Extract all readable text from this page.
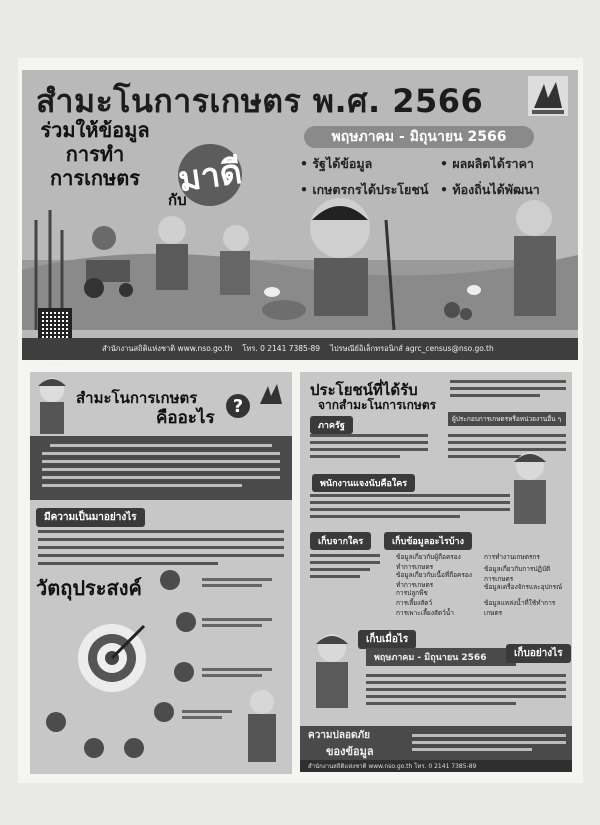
สำมะโนการเกษตร พ.ศ. 2566
ร่วมให้ข้อมูล
การทำ
การเกษตร	มาดี
กับ
พฤษภาคม - มิถุนายน 2566
• รัฐได้ข้อมูล	• ผลผลิตได้ราคา
• เกษตรกรได้ประโยชน์	• ท้องถิ่นได้พัฒนา
เกษตรกร
สำนักงานสถิติแห่งชาติ www.nso.go.th โทร. 0 2141 7385-89 ไปรษณีย์อิเล็กทรอนิกส์ agrc_census@nso.go.th
สำมะโนการเกษตร
คืออะไร
?
มีความเป็นมาอย่างไร
วัตถุประสงค์
ประโยชน์ที่ได้รับ
จากสำมะโนการเกษตร
ภาครัฐ
ผู้ประกอบการเกษตรหรือหน่วยงานอื่น ๆ
พนักงานแจงนับคือใคร
เก็บจากใคร	เก็บข้อมูลอะไรบ้าง
ข้อมูลเกี่ยวกับผู้ถือครองทำการเกษตร
ข้อมูลเกี่ยวกับเนื้อที่ถือครองทำการเกษตร
การปลูกพืช
การเลี้ยงสัตว์
การเพาะเลี้ยงสัตว์น้ำ
การทำงานเกษตรกร
ข้อมูลเกี่ยวกับการปฏิบัติการเกษตร
ข้อมูลเครื่องจักรและอุปกรณ์
ข้อมูลแหล่งน้ำที่ใช้ทำการเกษตร
เก็บเมื่อไร
พฤษภาคม - มิถุนายน 2566	เก็บอย่างไร
ความปลอดภัย
ของข้อมูล
สำนักงานสถิติแห่งชาติ www.nso.go.th โทร. 0 2141 7385-89
